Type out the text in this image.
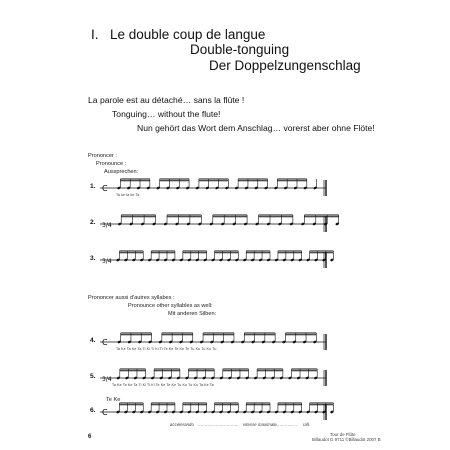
I. Le double coup de langue
Double-tonguing
Der Doppelzungenschlag
La parole est au détaché… sans la flûte !
Tonguing… without the flute!
Nun gehört das Wort dem Anschlag… vorerst aber ohne Flöte!
Prononcer :
Pronounce :
Aussprechen:
1.
2.
3.
C
Ta ke ta ke Ta
3/4
3/4
Prononcer aussi d'autres syllabes :
Pronounce other syllables as well:
Mit anderen Silben:
4.
5.
Te Ke
6.
C
Ta Ke Ta Ke Ta Ti Ki Ti Ki Ti Te Ke Te Ke Te Tu Ku Tu Ku Tu
3/4
Ta Ke Ta Ke Ta Ti Ki Ti Ki Te Ke Te Ke Tu Ku Tu Ku Ta Ke Ta
C
accelerando .............................. vitesse maximale
................. rall.
6	Tour de Flûte
Billaudot G 9711 ©Billaudot 2007 B
